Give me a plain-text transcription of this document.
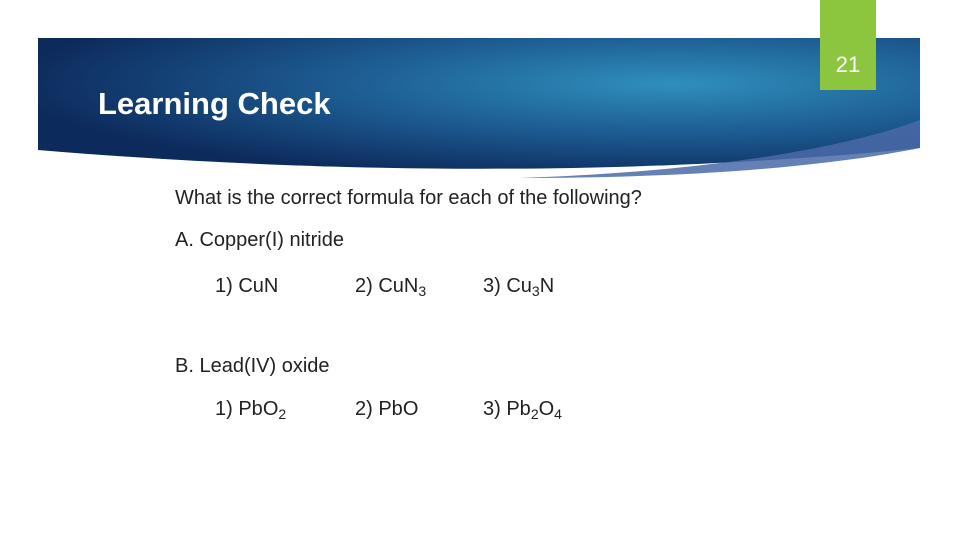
21
Learning Check
What is the correct formula for each of the following?
A. Copper(I) nitride
1) CuN	2) CuN$_3$	3) $Cu_3N$
B. Lead(IV) oxide
1) PbO$_2$	2) PbO	3) $Pb_2O_4$
